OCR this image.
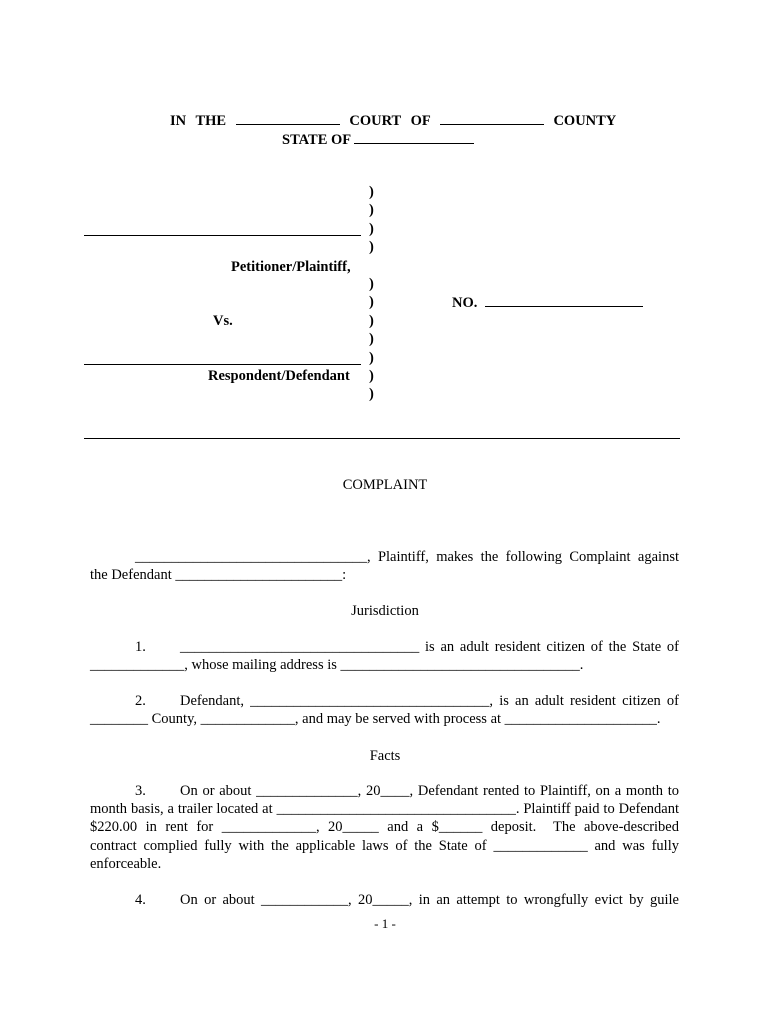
IN THE	COURT OF	COUNTY
STATE OF
Petitioner/Plaintiff,
Vs.
Respondent/Defendant
)
)
)
)

)
)
)
)
)
)
)
NO.
COMPLAINT
________________________________, Plaintiff, makes the following Complaint against
the Defendant _______________________:
Jurisdiction
1. _________________________________ is an adult resident citizen of the State of
_____________, whose mailing address is _________________________________.
2. Defendant, _________________________________, is an adult resident citizen of
________ County, _____________, and may be served with process at _____________________.
Facts
3. On or about ______________, 20____, Defendant rented to Plaintiff, on a month to
month basis, a trailer located at _________________________________. Plaintiff paid to Defendant
$220.00 in rent for _____________, 20_____ and a $______ deposit.  The above-described
contract complied fully with the applicable laws of the State of _____________ and was fully
enforceable.
4. On or about ____________, 20_____, in an attempt to wrongfully evict by guile
- 1 -
